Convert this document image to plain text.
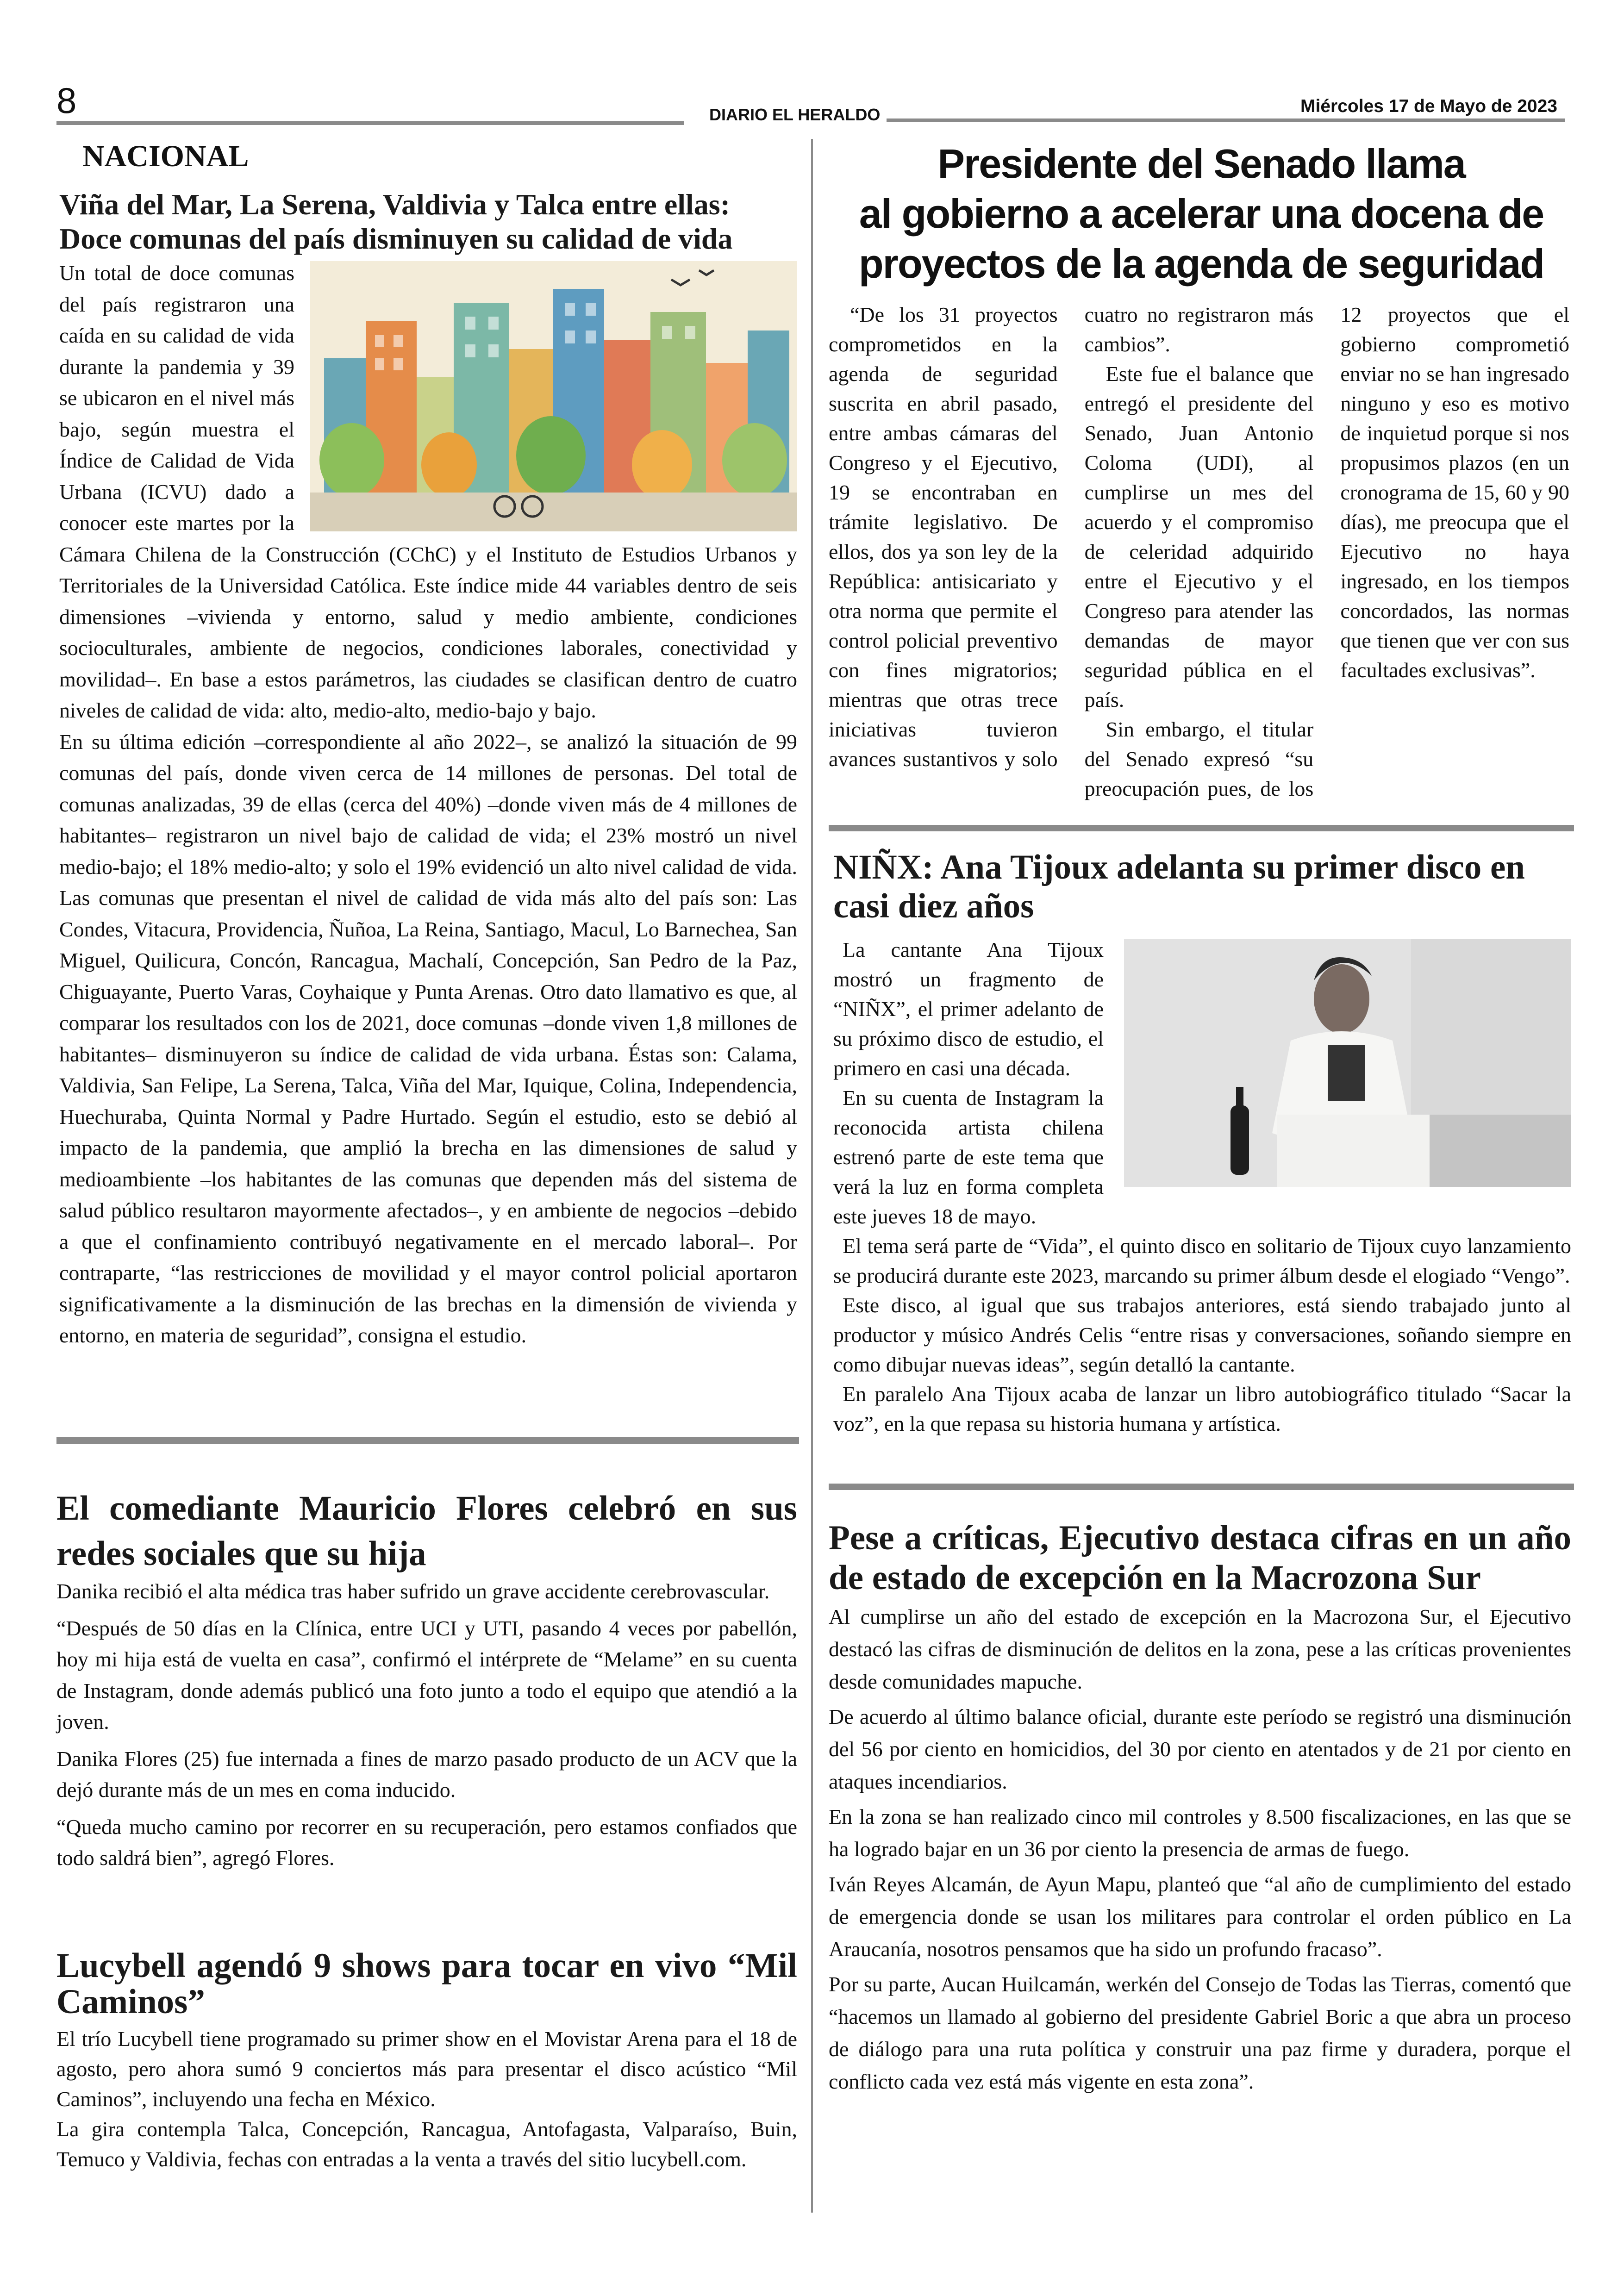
8	DIARIO EL HERALDO	Miércoles 17 de Mayo de 2023
NACIONAL
Viña del Mar, La Serena, Valdivia y Talca entre ellas:
Doce comunas del país disminuyen su calidad de vida

Un total de doce comunas del país registraron una caída en su calidad de vida durante la pandemia y 39 se ubicaron en el nivel más bajo, según muestra el Índice de Calidad de Vida Urbana (ICVU) dado a conocer este martes por la Cámara Chilena de la Construcción (CChC) y el Instituto de Estudios Urbanos y Territoriales de la Universidad Católica. Este índice mide 44 variables dentro de seis dimensiones –vivienda y entorno, salud y medio ambiente, condiciones socioculturales, ambiente de negocios, condiciones laborales, conectividad y movilidad–. En base a estos parámetros, las ciudades se clasifican dentro de cuatro niveles de calidad de vida: alto, medio-alto, medio-bajo y bajo.

En su última edición –correspondiente al año 2022–, se analizó la situación de 99 comunas del país, donde viven cerca de 14 millones de personas. Del total de comunas analizadas, 39 de ellas (cerca del 40%) –donde viven más de 4 millones de habitantes– registraron un nivel bajo de calidad de vida; el 23% mostró un nivel medio-bajo; el 18% medio-alto; y solo el 19% evidenció un alto nivel calidad de vida. Las comunas que presentan el nivel de calidad de vida más alto del país son: Las Condes, Vitacura, Providencia, Ñuñoa, La Reina, Santiago, Macul, Lo Barnechea, San Miguel, Quilicura, Concón, Rancagua, Machalí, Concepción, San Pedro de la Paz, Chiguayante, Puerto Varas, Coyhaique y Punta Arenas. Otro dato llamativo es que, al comparar los resultados con los de 2021, doce comunas –donde viven 1,8 millones de habitantes– disminuyeron su índice de calidad de vida urbana. Éstas son: Calama, Valdivia, San Felipe, La Serena, Talca, Viña del Mar, Iquique, Colina, Independencia, Huechuraba, Quinta Normal y Padre Hurtado. Según el estudio, esto se debió al impacto de la pandemia, que amplió la brecha en las dimensiones de salud y medioambiente –los habitantes de las comunas que dependen más del sistema de salud público resultaron mayormente afectados–, y en ambiente de negocios –debido a que el confinamiento contribuyó negativamente en el mercado laboral–. Por contraparte, “las restricciones de movilidad y el mayor control policial aportaron significativamente a la disminución de las brechas en la dimensión de vivienda y entorno, en materia de seguridad”, consigna el estudio.

El comediante Mauricio Flores celebró en sus redes sociales que su hija

Danika recibió el alta médica tras haber sufrido un grave accidente cerebrovascular.

“Después de 50 días en la Clínica, entre UCI y UTI, pasando 4 veces por pabellón, hoy mi hija está de vuelta en casa”, confirmó el intérprete de “Melame” en su cuenta de Instagram, donde además publicó una foto junto a todo el equipo que atendió a la joven.

Danika Flores (25) fue internada a fines de marzo pasado producto de un ACV que la dejó durante más de un mes en coma inducido.

“Queda mucho camino por recorrer en su recuperación, pero estamos confiados que todo saldrá bien”, agregó Flores.

Lucybell agendó 9 shows para tocar en vivo “Mil Caminos”

El trío Lucybell tiene programado su primer show en el Movistar Arena para el 18 de agosto, pero ahora sumó 9 conciertos más para presentar el disco acústico “Mil Caminos”, incluyendo una fecha en México.

La gira contempla Talca, Concepción, Rancagua, Antofagasta, Valparaíso, Buin, Temuco y Valdivia, fechas con entradas a la venta a través del sitio lucybell.com.

Presidente del Senado llama
al gobierno a acelerar una docena de
proyectos de la agenda de seguridad

“De los 31 proyectos comprometidos en la agenda de seguridad suscrita en abril pasado, entre ambas cámaras del Congreso y el Ejecutivo, 19 se encontraban en trámite legislativo. De ellos, dos ya son ley de la República: antisicariato y otra norma que permite el control policial preventivo con fines migratorios; mientras que otras trece iniciativas tuvieron avances sustantivos y solo cuatro no registraron más cambios”.

Este fue el balance que entregó el presidente del Senado, Juan Antonio Coloma (UDI), al cumplirse un mes del acuerdo y el compromiso de celeridad adquirido entre el Ejecutivo y el Congreso para atender las demandas de mayor seguridad pública en el país.

Sin embargo, el titular del Senado expresó “su preocupación pues, de los 12 proyectos que el gobierno comprometió enviar no se han ingresado ninguno y eso es motivo de inquietud porque si nos propusimos plazos (en un cronograma de 15, 60 y 90 días), me preocupa que el Ejecutivo no haya ingresado, en los tiempos concordados, las normas que tienen que ver con sus facultades exclusivas”.

NIÑX: Ana Tijoux adelanta su primer disco en casi diez años

La cantante Ana Tijoux mostró un fragmento de “NIÑX”, el primer adelanto de su próximo disco de estudio, el primero en casi una década.

En su cuenta de Instagram la reconocida artista chilena estrenó parte de este tema que verá la luz en forma completa este jueves 18 de mayo.

El tema será parte de “Vida”, el quinto disco en solitario de Tijoux cuyo lanzamiento se producirá durante este 2023, marcando su primer álbum desde el elogiado “Vengo”.

Este disco, al igual que sus trabajos anteriores, está siendo trabajado junto al productor y músico Andrés Celis “entre risas y conversaciones, soñando siempre en como dibujar nuevas ideas”, según detalló la cantante.

En paralelo Ana Tijoux acaba de lanzar un libro autobiográfico titulado “Sacar la voz”, en la que repasa su historia humana y artística.

Pese a críticas, Ejecutivo destaca cifras en un año de estado de excepción en la Macrozona Sur

Al cumplirse un año del estado de excepción en la Macrozona Sur, el Ejecutivo destacó las cifras de disminución de delitos en la zona, pese a las críticas provenientes desde comunidades mapuche.

De acuerdo al último balance oficial, durante este período se registró una disminución del 56 por ciento en homicidios, del 30 por ciento en atentados y de 21 por ciento en ataques incendiarios.

En la zona se han realizado cinco mil controles y 8.500 fiscalizaciones, en las que se ha logrado bajar en un 36 por ciento la presencia de armas de fuego.

Iván Reyes Alcamán, de Ayun Mapu, planteó que “al año de cumplimiento del estado de emergencia donde se usan los militares para controlar el orden público en La Araucanía, nosotros pensamos que ha sido un profundo fracaso”.

Por su parte, Aucan Huilcamán, werkén del Consejo de Todas las Tierras, comentó que “hacemos un llamado al gobierno del presidente Gabriel Boric a que abra un proceso de diálogo para una ruta política y construir una paz firme y duradera, porque el conflicto cada vez está más vigente en esta zona”.
